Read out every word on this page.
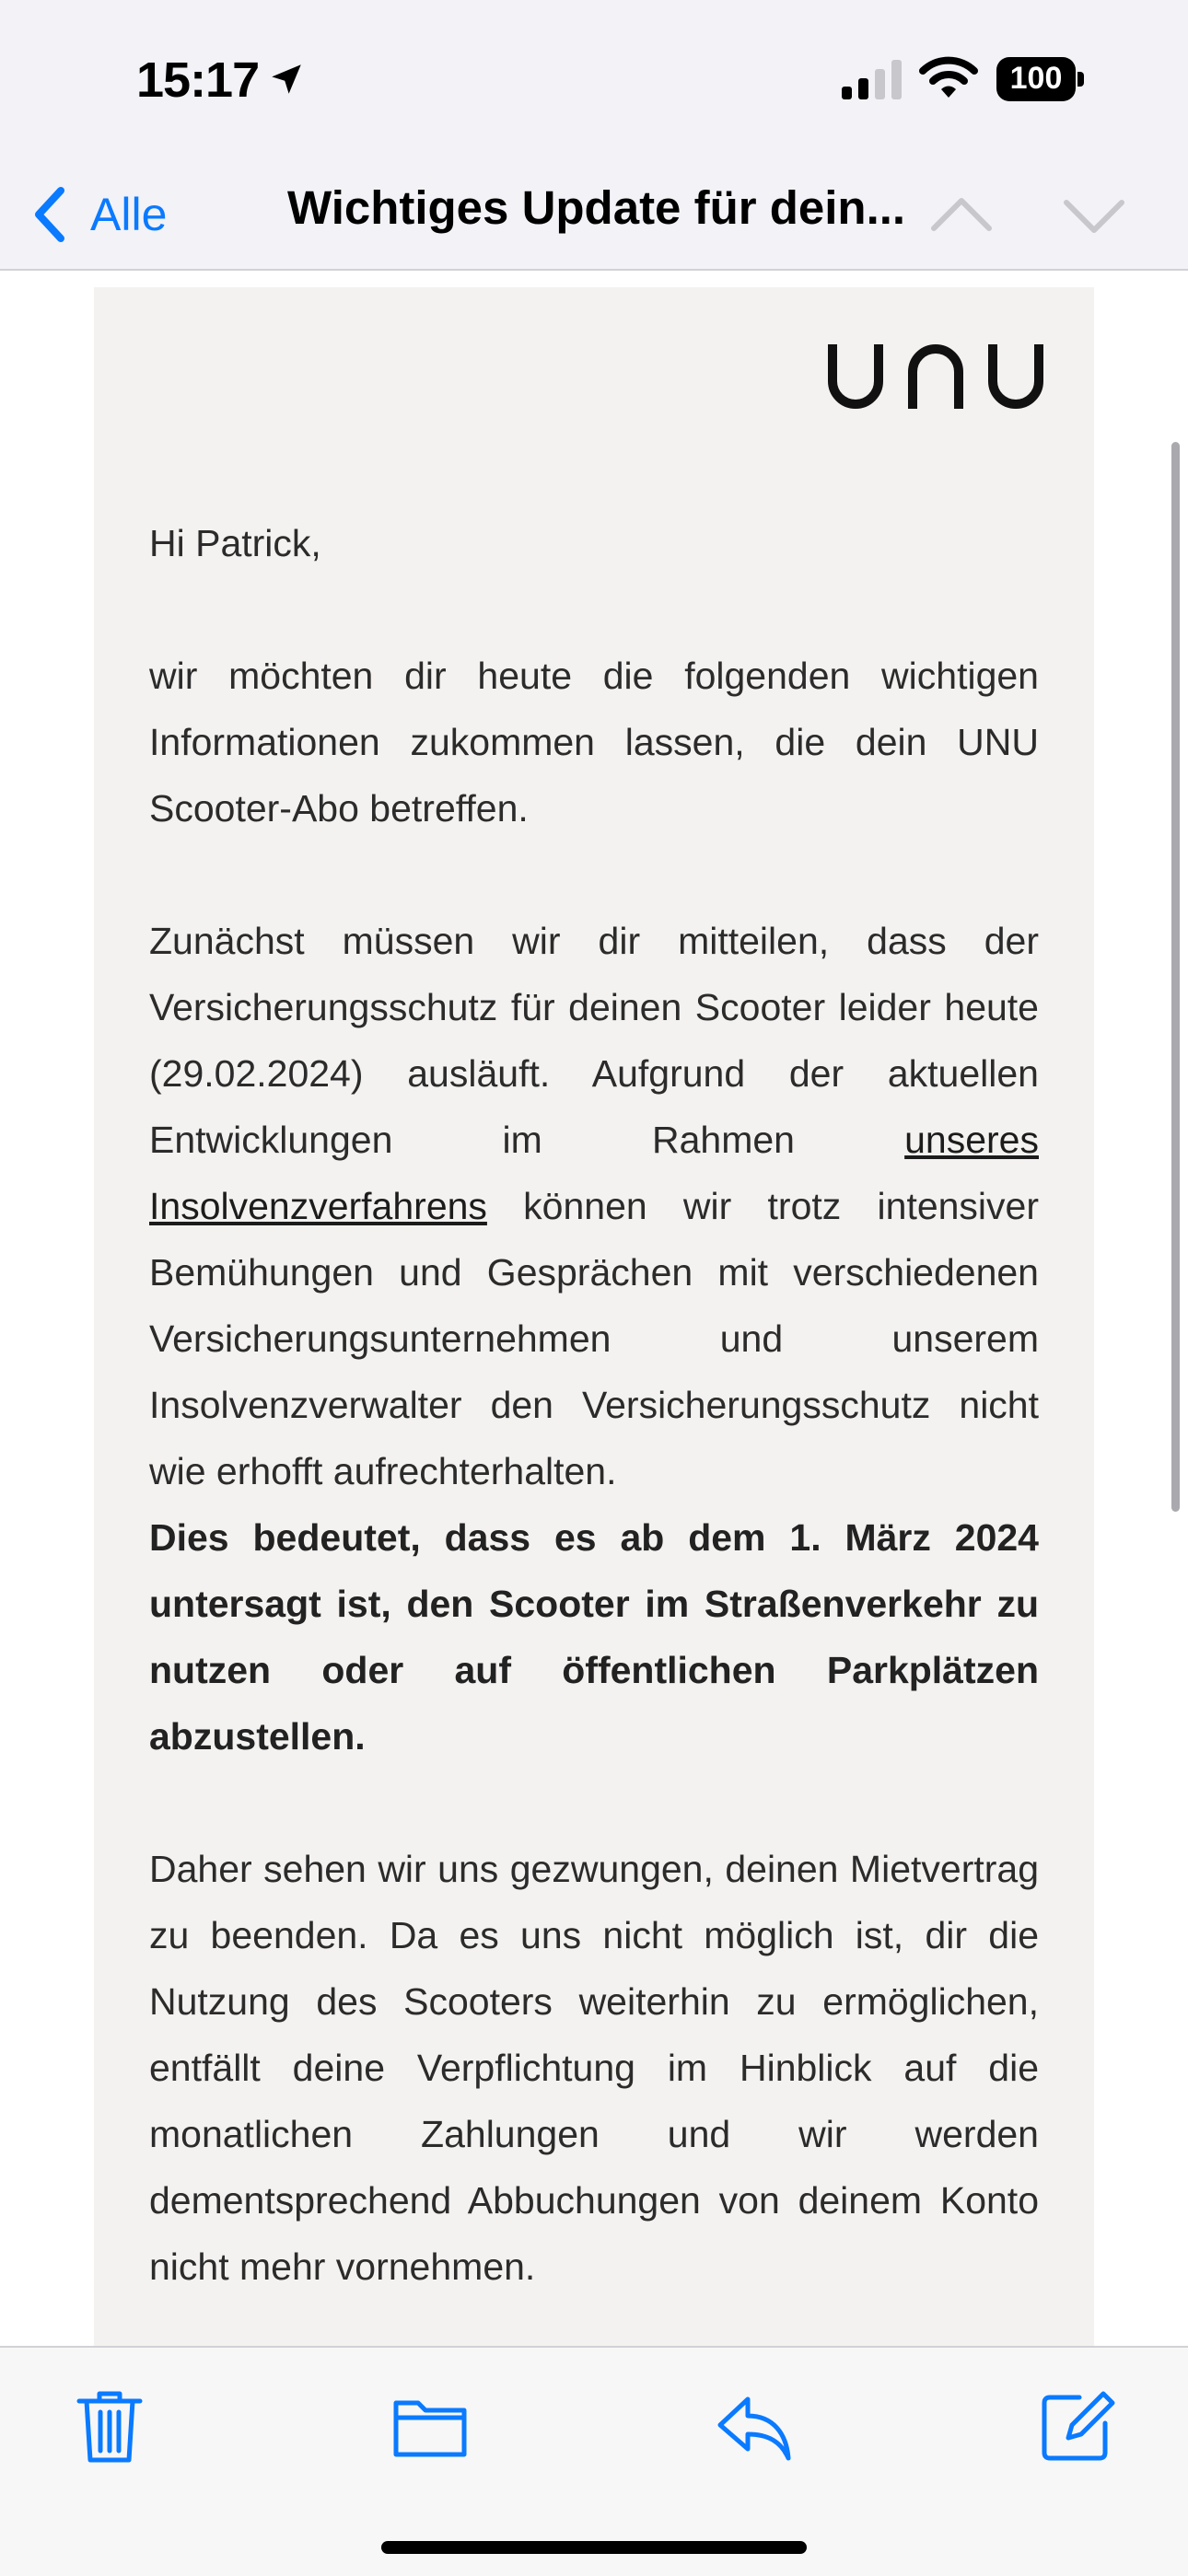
15:17	100
Alle	Wichtiges Update für dein...

Hi Patrick,

wir möchten dir heute die folgenden wichtigen Informationen zukommen lassen, die dein UNU Scooter-Abo betreffen.

Zunächst müssen wir dir mitteilen, dass der Versicherungsschutz für deinen Scooter leider heute (29.02.2024) ausläuft. Aufgrund der aktuellen Entwicklungen im Rahmen unseres Insolvenzverfahrens können wir trotz intensiver Bemühungen und Gesprächen mit verschiedenen Versicherungsunternehmen und unserem Insolvenzverwalter den Versicherungsschutz nicht wie erhofft aufrechterhalten.

Dies bedeutet, dass es ab dem 1. März 2024 untersagt ist, den Scooter im Straßenverkehr zu nutzen oder auf öffentlichen Parkplätzen abzustellen.

Daher sehen wir uns gezwungen, deinen Mietvertrag zu beenden. Da es uns nicht möglich ist, dir die Nutzung des Scooters weiterhin zu ermöglichen, entfällt deine Verpflichtung im Hinblick auf die monatlichen Zahlungen und wir werden dementsprechend Abbuchungen von deinem Konto nicht mehr vornehmen.
